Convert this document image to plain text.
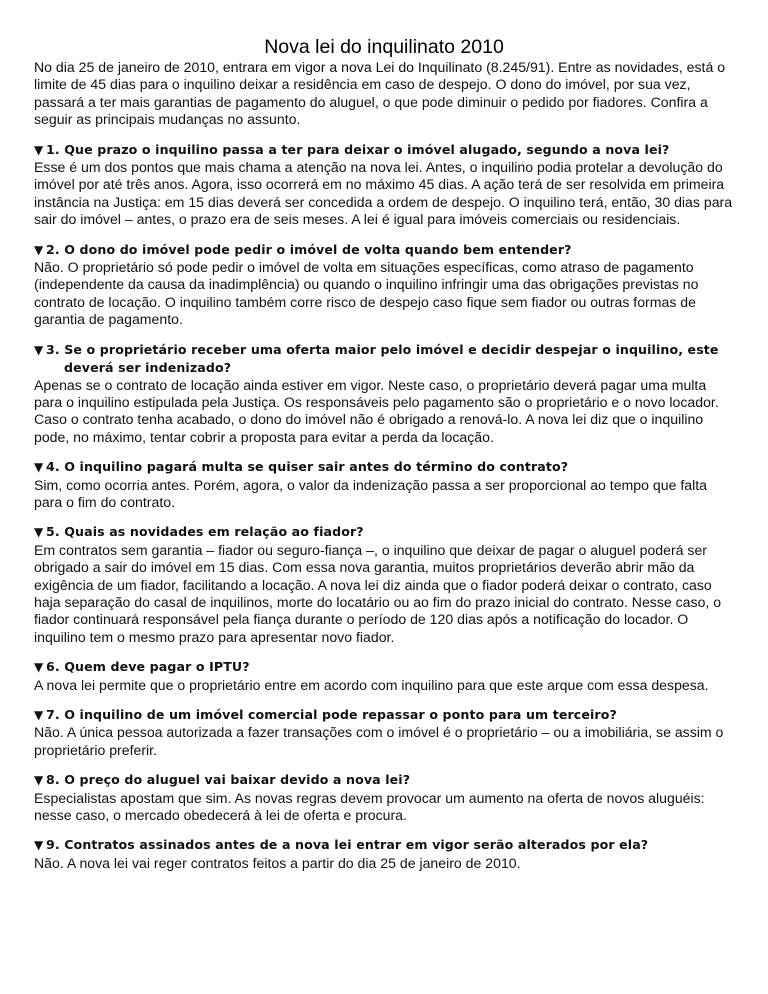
Nova lei do inquilinato 2010

No dia 25 de janeiro de 2010, entrara em vigor a nova Lei do Inquilinato (8.245/91). Entre as novidades, está o limite de 45 dias para o inquilino deixar a residência em caso de despejo. O dono do imóvel, por sua vez, passará a ter mais garantias de pagamento do aluguel, o que pode diminuir o pedido por fiadores. Confira a seguir as principais mudanças no assunto.

▼ 1. Que prazo o inquilino passa a ter para deixar o imóvel alugado, segundo a nova lei?

Esse é um dos pontos que mais chama a atenção na nova lei. Antes, o inquilino podia protelar a devolução do imóvel por até três anos. Agora, isso ocorrerá em no máximo 45 dias. A ação terá de ser resolvida em primeira instância na Justiça: em 15 dias deverá ser concedida a ordem de despejo. O inquilino terá, então, 30 dias para sair do imóvel – antes, o prazo era de seis meses. A lei é igual para imóveis comerciais ou residenciais.

▼ 2. O dono do imóvel pode pedir o imóvel de volta quando bem entender?

Não. O proprietário só pode pedir o imóvel de volta em situações específicas, como atraso de pagamento (independente da causa da inadimplência) ou quando o inquilino infringir uma das obrigações previstas no contrato de locação. O inquilino também corre risco de despejo caso fique sem fiador ou outras formas de garantia de pagamento.

▼ 3. Se o proprietário receber uma oferta maior pelo imóvel e decidir despejar o inquilino, este
deverá ser indenizado?

Apenas se o contrato de locação ainda estiver em vigor. Neste caso, o proprietário deverá pagar uma multa para o inquilino estipulada pela Justiça. Os responsáveis pelo pagamento são o proprietário e o novo locador. Caso o contrato tenha acabado, o dono do imóvel não é obrigado a renová-lo. A nova lei diz que o inquilino pode, no máximo, tentar cobrir a proposta para evitar a perda da locação.

▼ 4. O inquilino pagará multa se quiser sair antes do término do contrato?

Sim, como ocorria antes. Porém, agora, o valor da indenização passa a ser proporcional ao tempo que falta para o fim do contrato.

▼ 5. Quais as novidades em relação ao fiador?

Em contratos sem garantia – fiador ou seguro-fiança –, o inquilino que deixar de pagar o aluguel poderá ser obrigado a sair do imóvel em 15 dias. Com essa nova garantia, muitos proprietários deverão abrir mão da exigência de um fiador, facilitando a locação. A nova lei diz ainda que o fiador poderá deixar o contrato, caso haja separação do casal de inquilinos, morte do locatário ou ao fim do prazo inicial do contrato. Nesse caso, o fiador continuará responsável pela fiança durante o período de 120 dias após a notificação do locador. O inquilino tem o mesmo prazo para apresentar novo fiador.

▼ 6. Quem deve pagar o IPTU?

A nova lei permite que o proprietário entre em acordo com inquilino para que este arque com essa despesa.

▼ 7. O inquilino de um imóvel comercial pode repassar o ponto para um terceiro?

Não. A única pessoa autorizada a fazer transações com o imóvel é o proprietário – ou a imobiliária, se assim o proprietário preferir.

▼ 8. O preço do aluguel vai baixar devido a nova lei?

Especialistas apostam que sim. As novas regras devem provocar um aumento na oferta de novos aluguéis: nesse caso, o mercado obedecerá à lei de oferta e procura.

▼ 9. Contratos assinados antes de a nova lei entrar em vigor serão alterados por ela?

Não. A nova lei vai reger contratos feitos a partir do dia 25 de janeiro de 2010.
